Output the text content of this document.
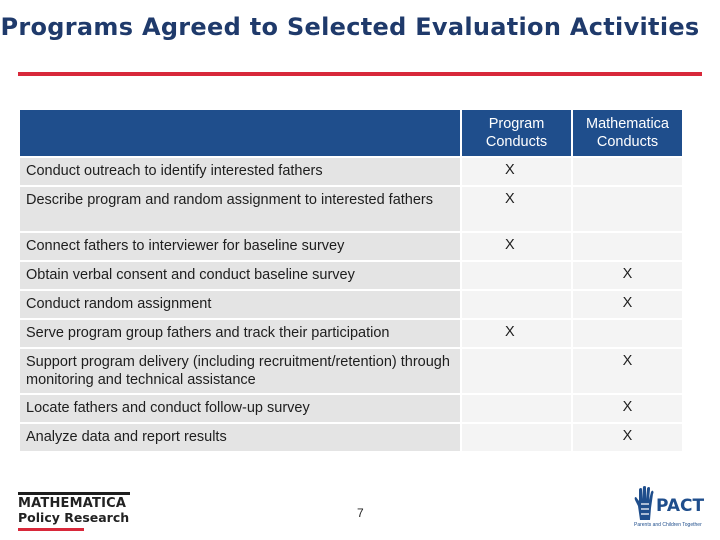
Programs Agreed to Selected Evaluation Activities
	Program Conducts	Mathematica Conducts
Conduct outreach to identify interested fathers	X	
Describe program and random assignment to interested fathers	X	
Connect fathers to interviewer for baseline survey	X	
Obtain verbal consent and conduct baseline survey		X
Conduct random assignment		X
Serve program group fathers and track their participation	X	
Support program delivery (including recruitment/retention) through monitoring and technical assistance		X
Locate fathers and conduct follow-up survey		X
Analyze data and report results		X
MATHEMATICA
Policy Research	7	PACT
Parents and Children Together
